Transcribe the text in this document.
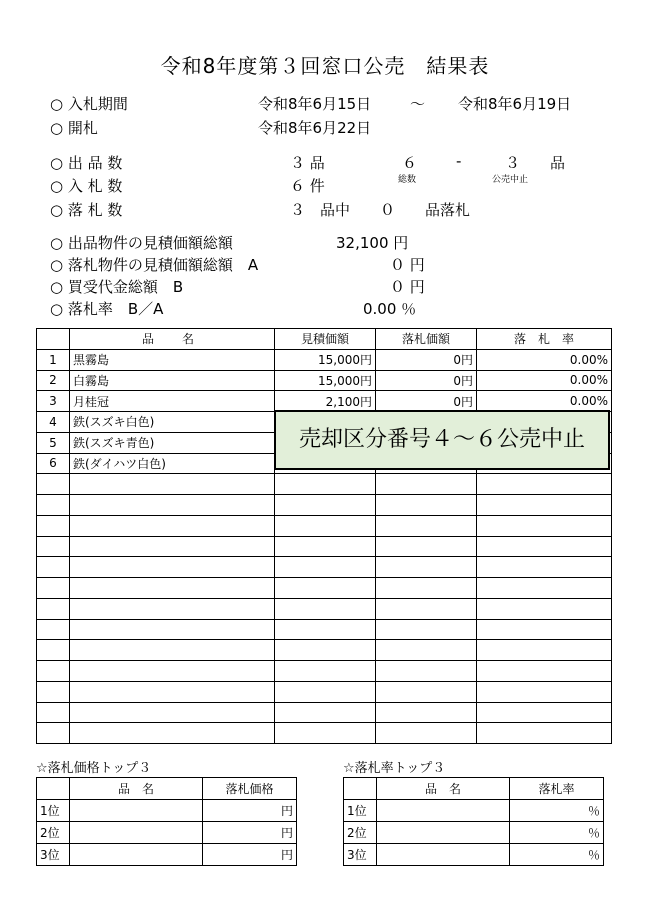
令和8年度第３回窓口公売　結果表
○ 入札期間	令和8年6月15日	～ 令和8年6月19日
○ 開札	令和8年6月22日
○ 出 品 数	３ 品	６	-	３ 品
総数	公売中止
○ 入 札 数	６ 件
○ 落 札 数	３　品中　　０　　品落札
○ 出品物件の見積価額総額	32,100 円
○ 落札物件の見積価額総額　A	０ 円
○ 買受代金総額　B	０ 円
○ 落札率　B／A	0.00 ％
	品　名	見積価額	落札価額	落　札　率
1	黒霧島	15,000円	0円	0.00%
2	白霧島	15,000円	0円	0.00%
3	月桂冠	2,100円	0円	0.00%
4	鉄(スズキ白色)			
5	鉄(スズキ青色)			
6	鉄(ダイハツ白色)			

売却区分番号４～６公売中止
☆落札価格トップ３
	品　名	落札価格
1位		円
2位		円
3位		円
☆落札率トップ３
	品　名	落札率
1位		％
2位		％
3位		％
